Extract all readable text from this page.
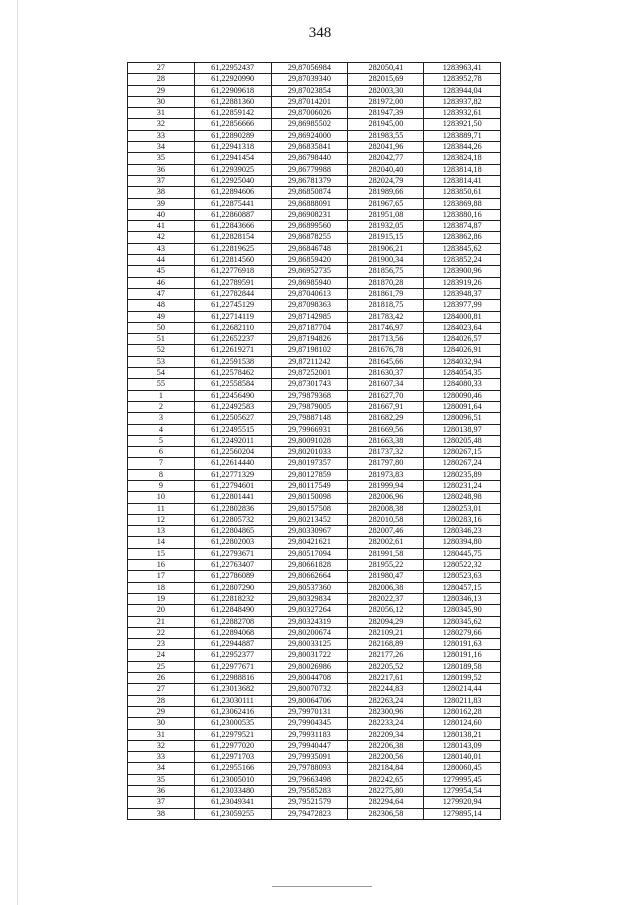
348
27	61,22952437	29,87056984	282050,41	1283963,41
28	61,22920990	29,87039340	282015,69	1283952,78
29	61,22909618	29,87023854	282003,30	1283944,04
30	61,22881360	29,87014201	281972,00	1283937,82
31	61,22859142	29,87006026	281947,39	1283932,61
32	61,22856666	29,86985502	281945,00	1283921,50
33	61,22890289	29,86924000	281983,55	1283889,71
34	61,22941318	29,86835841	282041,96	1283844,26
35	61,22941454	29,86798440	282042,77	1283824,18
36	61,22939025	29,86779988	282040,40	1283814,18
37	61,22925040	29,86781379	282024,79	1283814,41
38	61,22894606	29,86850874	281989,66	1283850,61
39	61,22875441	29,86888091	281967,65	1283869,88
40	61,22860887	29,86908231	281951,08	1283880,16
41	61,22843666	29,86899560	281932,05	1283874,87
42	61,22828154	29,86878255	281915,15	1283862,86
43	61,22819625	29,86846748	281906,21	1283845,62
44	61,22814560	29,86859420	281900,34	1283852,24
45	61,22776918	29,86952735	281856,75	1283900,96
46	61,22789591	29,86985940	281870,28	1283919,26
47	61,22782844	29,87040613	281861,79	1283948,37
48	61,22745129	29,87098363	281818,75	1283977,99
49	61,22714119	29,87142985	281783,42	1284000,81
50	61,22682110	29,87187704	281746,97	1284023,64
51	61,22652237	29,87194826	281713,56	1284026,57
52	61,22619271	29,87198102	281676,78	1284026,91
53	61,22591538	29,87211242	281645,66	1284032,94
54	61,22578462	29,87252001	281630,37	1284054,35
55	61,22558584	29,87301743	281607,34	1284080,33
1	61,22456490	29,79879368	281627,70	1280090,46
2	61,22492583	29,79879005	281667,91	1280091,64
3	61,22505627	29,79887148	281682,29	1280096,51
4	61,22495515	29,79966931	281669,56	1280138,97
5	61,22492011	29,80091028	281663,38	1280205,48
6	61,22560204	29,80201033	281737,32	1280267,15
7	61,22614440	29,80197357	281797,80	1280267,24
8	61,22771329	29,80127859	281973,83	1280235,89
9	61,22794601	29,80117549	281999,94	1280231,24
10	61,22801441	29,80150098	282006,96	1280248,98
11	61,22802836	29,80157508	282008,38	1280253,01
12	61,22805732	29,80213452	282010,58	1280283,16
13	61,22804865	29,80330967	282007,46	1280346,23
14	61,22802003	29,80421621	282002,61	1280394,80
15	61,22793671	29,80517094	281991,58	1280445,75
16	61,22763407	29,80661828	281955,22	1280522,32
17	61,22786089	29,80662664	281980,47	1280523,63
18	61,22807290	29,80537360	282006,38	1280457,15
19	61,22818232	29,80329834	282022,37	1280346,13
20	61,22848490	29,80327264	282056,12	1280345,90
21	61,22882708	29,80324319	282094,29	1280345,62
22	61,22894068	29,80200674	282109,21	1280279,66
23	61,22944887	29,80033125	282168,89	1280191,63
24	61,22952377	29,80031722	282177,26	1280191,16
25	61,22977671	29,80026986	282205,52	1280189,58
26	61,22988816	29,80044708	282217,61	1280199,52
27	61,23013682	29,80070732	282244,83	1280214,44
28	61,23030111	29,80064706	282263,24	1280211,83
29	61,23062416	29,79970131	282300,96	1280162,28
30	61,23000535	29,79904345	282233,24	1280124,60
31	61,22979521	29,79931183	282209,34	1280138,21
32	61,22977020	29,79940447	282206,38	1280143,09
33	61,22971703	29,79935091	282200,56	1280140,01
34	61,22955166	29,79788093	282184,84	1280060,45
35	61,23005010	29,79663498	282242,65	1279995,45
36	61,23033480	29,79585283	282275,80	1279954,54
37	61,23049341	29,79521579	282294,64	1279920,94
38	61,23059255	29,79472823	282306,58	1279895,14
